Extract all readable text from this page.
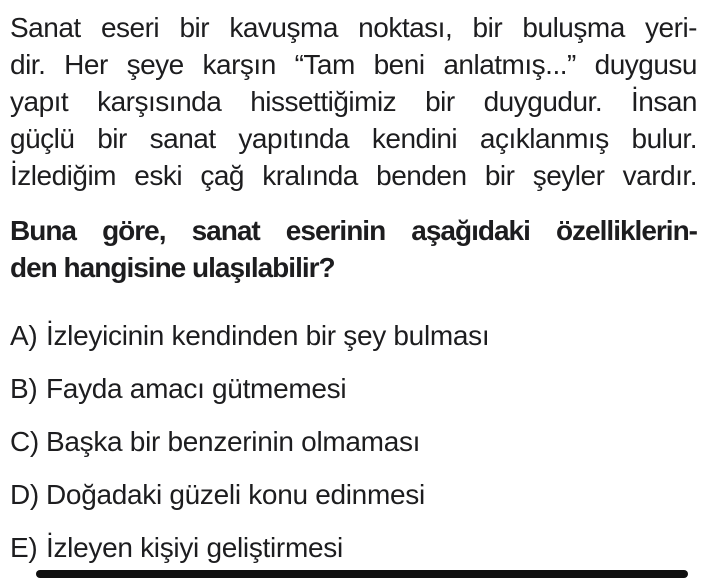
Sanat eseri bir kavuşma noktası, bir buluşma yeri-
dir. Her şeye karşın “Tam beni anlatmış...” duygusu
yapıt karşısında hissettiğimiz bir duygudur. İnsan
güçlü bir sanat yapıtında kendini açıklanmış bulur.
İzlediğim eski çağ kralında benden bir şeyler vardır.
Buna göre, sanat eserinin aşağıdaki özelliklerin-
den hangisine ulaşılabilir?
A) İzleyicinin kendinden bir şey bulması
B) Fayda amacı gütmemesi
C) Başka bir benzerinin olmaması
D) Doğadaki güzeli konu edinmesi
E) İzleyen kişiyi geliştirmesi
